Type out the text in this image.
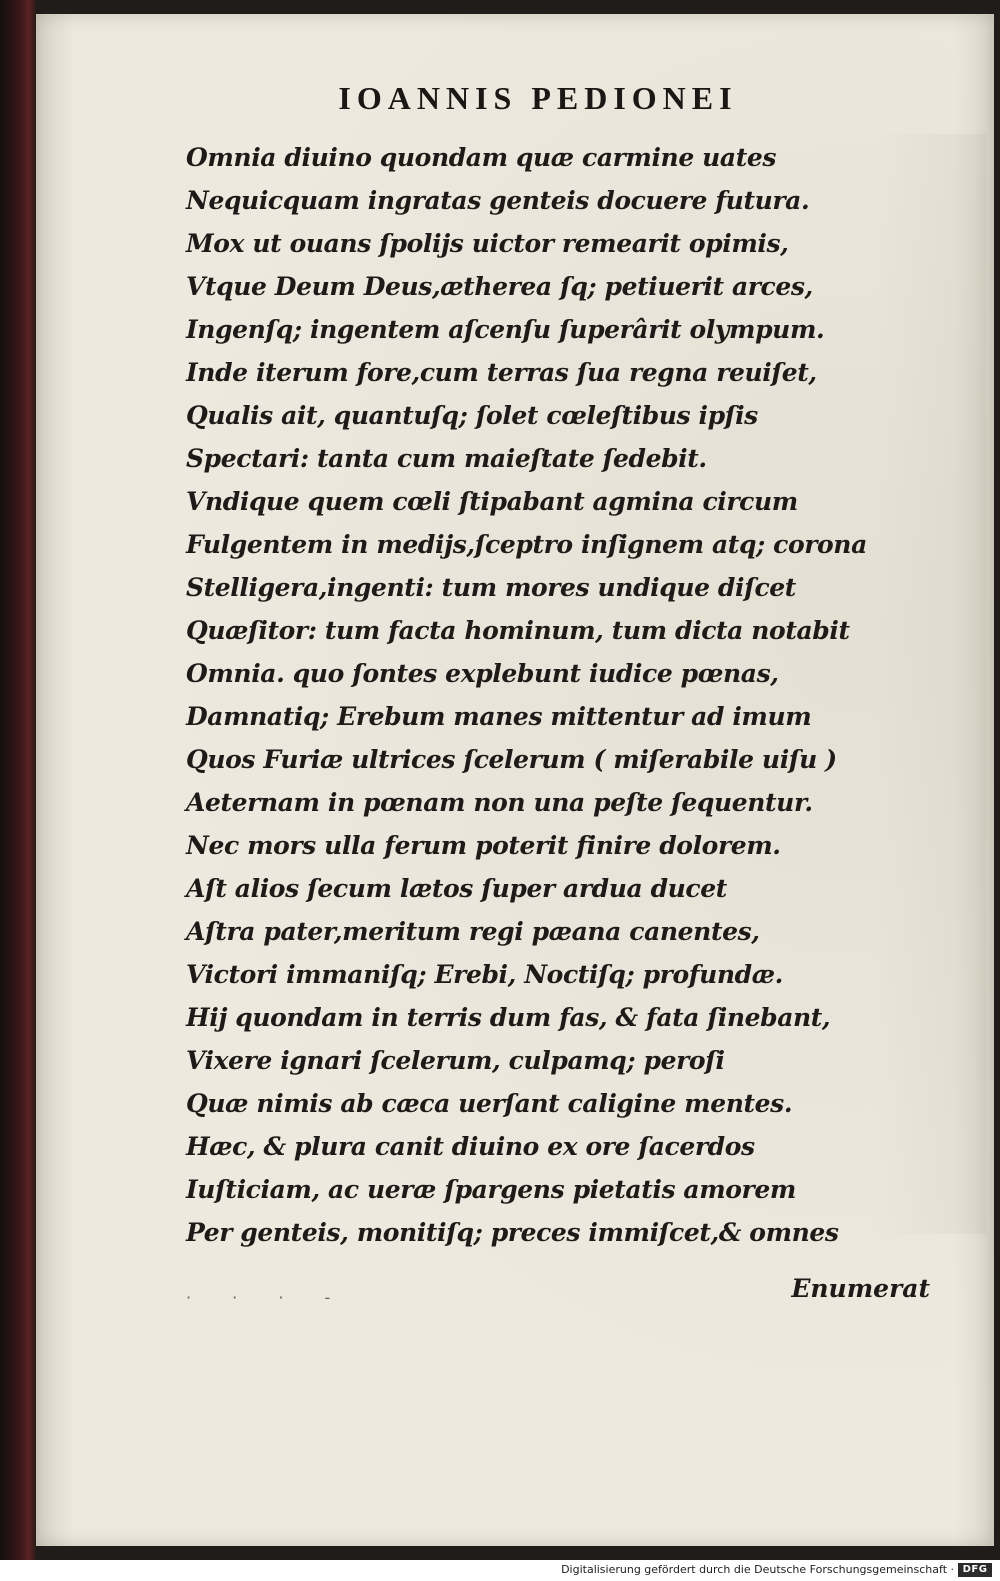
IOANNIS PEDIONEI
Omnia diuino quondam quæ carmine uates
Nequicquam ingratas genteis docuere futura.
Mox ut ouans ſpolijs uictor remearit opimis,
Vtque Deum Deus,ætherea ſq; petiuerit arces,
Ingenſq; ingentem aſcenſu ſuperârit olympum.
Inde iterum fore,cum terras ſua regna reuiſet,
Qualis ait, quantuſq; ſolet cœleſtibus ipſis
Spectari: tanta cum maieſtate ſedebit.
Vndique quem cœli ſtipabant agmina circum
Fulgentem in medijs,ſceptro inſignem atq; corona
Stelligera,ingenti: tum mores undique diſcet
Quæſitor: tum facta hominum, tum dicta notabit
Omnia. quo ſontes explebunt iudice pœnas,
Damnatiq; Erebum manes mittentur ad imum
Quos Furiæ ultrices ſcelerum ( miſerabile uiſu )
Aeternam in pœnam non una peſte ſequentur.
Nec mors ulla ferum poterit finire dolorem.
Aſt alios ſecum lætos ſuper ardua ducet
Aſtra pater,meritum regi pæana canentes,
Victori immaniſq; Erebi, Noctiſq; profundæ.
Hij quondam in terris dum fas, & fata ſinebant,
Vixere ignari ſcelerum, culpamq; peroſi
Quæ nimis ab cæca uerſant caligine mentes.
Hæc, & plura canit diuino ex ore ſacerdos
Iuſticiam, ac ueræ ſpargens pietatis amorem
Per genteis, monitiſq; preces immiſcet,& omnes
· · · -	Enumerat
Digitalisierung gefördert durch die Deutsche Forschungsgemeinschaft · DFG
